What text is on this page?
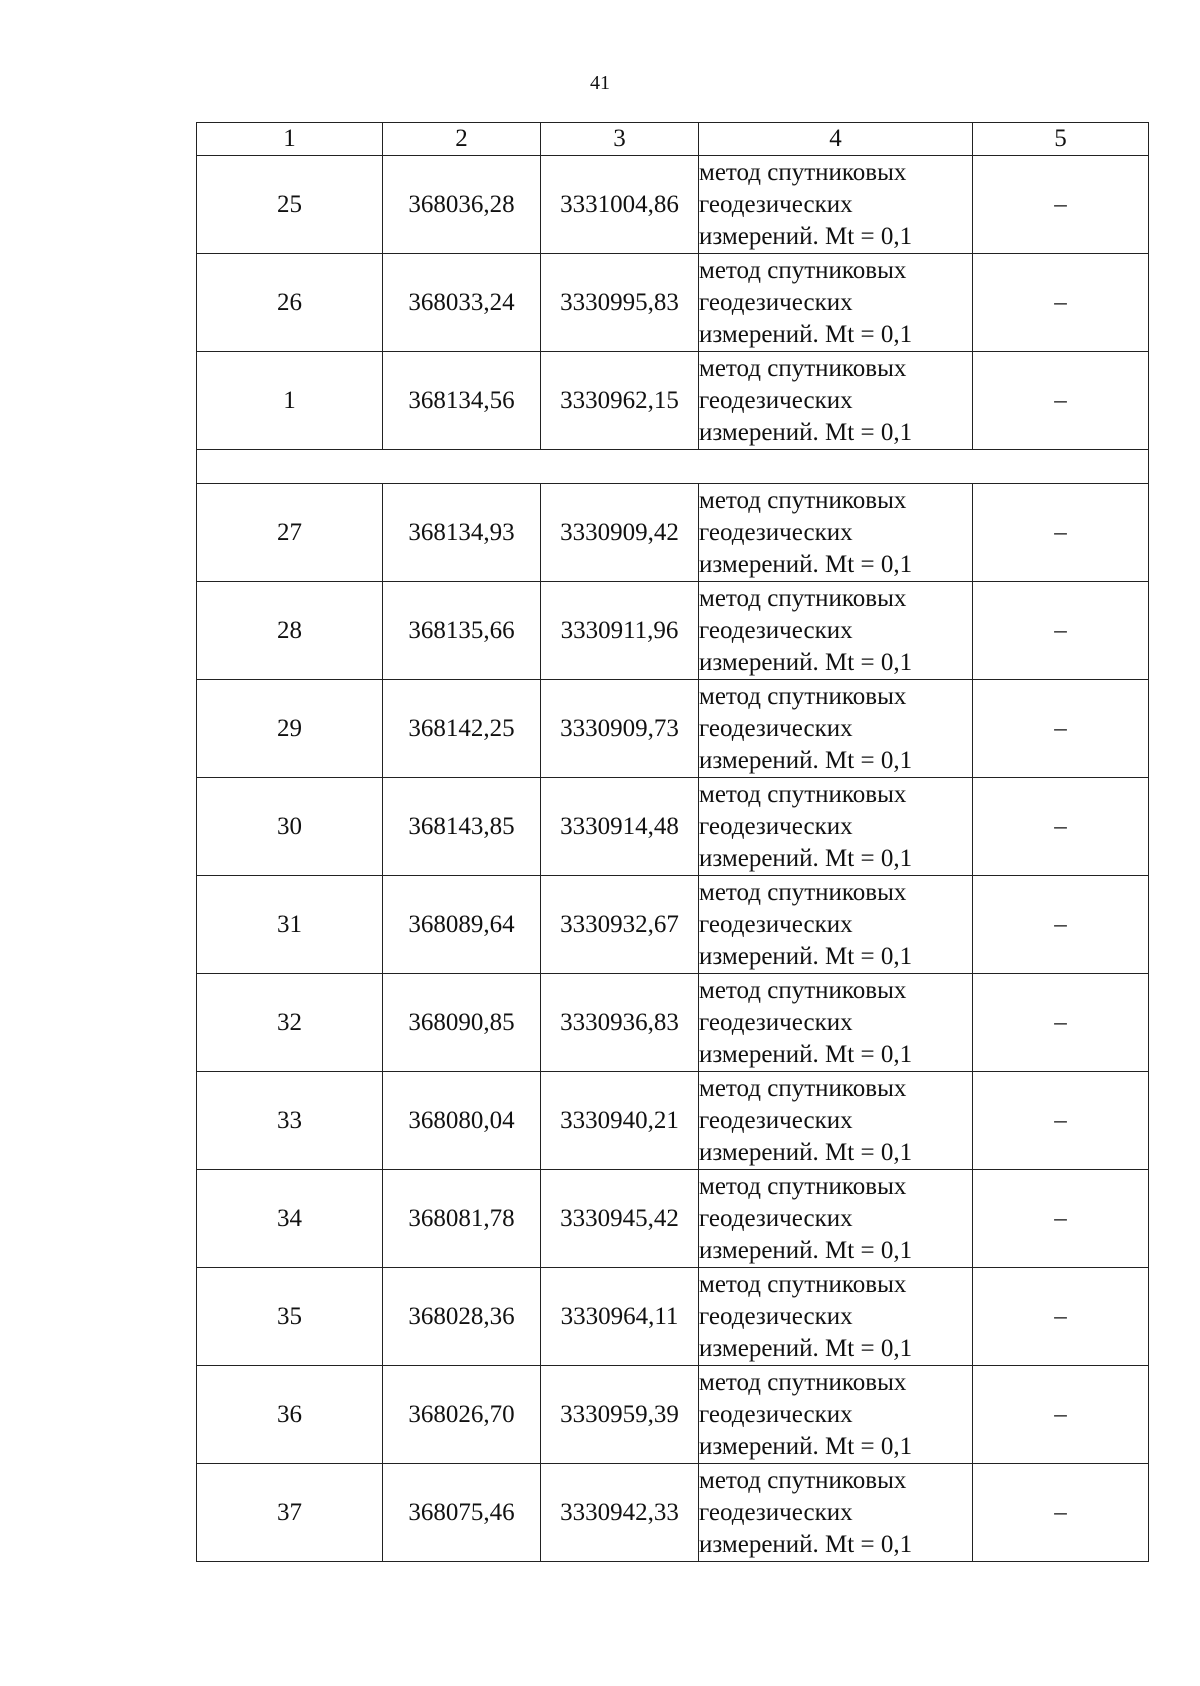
41
1	2	3	4	5
25	368036,28	3331004,86	метод спутниковых
геодезических
измерений. Mt = 0,1	–
26	368033,24	3330995,83	метод спутниковых
геодезических
измерений. Mt = 0,1	–
1	368134,56	3330962,15	метод спутниковых
геодезических
измерений. Mt = 0,1	–

27	368134,93	3330909,42	метод спутниковых
геодезических
измерений. Mt = 0,1	–
28	368135,66	3330911,96	метод спутниковых
геодезических
измерений. Mt = 0,1	–
29	368142,25	3330909,73	метод спутниковых
геодезических
измерений. Mt = 0,1	–
30	368143,85	3330914,48	метод спутниковых
геодезических
измерений. Mt = 0,1	–
31	368089,64	3330932,67	метод спутниковых
геодезических
измерений. Mt = 0,1	–
32	368090,85	3330936,83	метод спутниковых
геодезических
измерений. Mt = 0,1	–
33	368080,04	3330940,21	метод спутниковых
геодезических
измерений. Mt = 0,1	–
34	368081,78	3330945,42	метод спутниковых
геодезических
измерений. Mt = 0,1	–
35	368028,36	3330964,11	метод спутниковых
геодезических
измерений. Mt = 0,1	–
36	368026,70	3330959,39	метод спутниковых
геодезических
измерений. Mt = 0,1	–
37	368075,46	3330942,33	метод спутниковых
геодезических
измерений. Mt = 0,1	–
